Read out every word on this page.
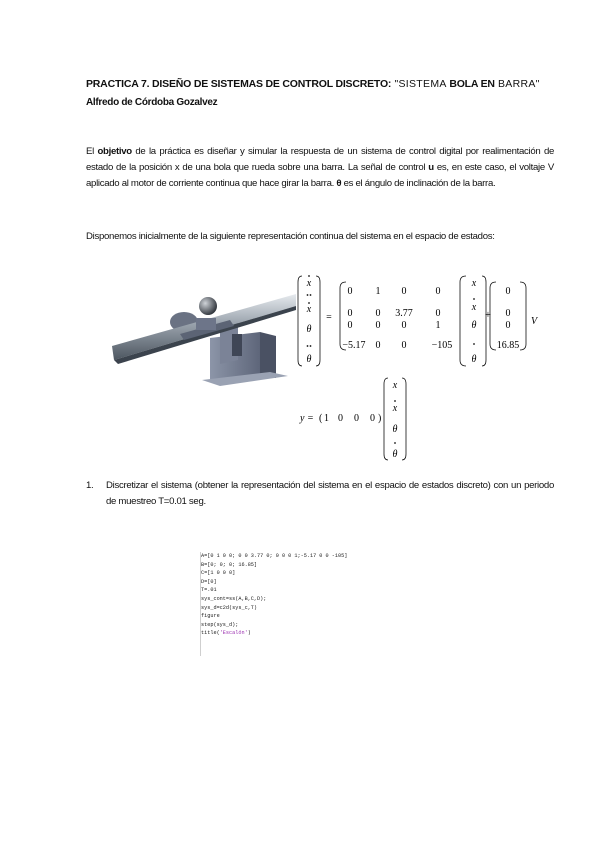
PRACTICA 7. DISEÑO DE SISTEMAS DE CONTROL DISCRETO: "SISTEMA BOLA EN BARRA"
Alfredo de Córdoba Gozalvez
El objetivo de la práctica es diseñar y simular la respuesta de un sistema de control digital por realimentación de estado de la posición x de una bola que rueda sobre una barra. La señal de control u es, en este caso, el voltaje V aplicado al motor de corriente continua que hace girar la barra. θ es el ángulo de inclinación de la barra.
Disponemos inicialmente de la siguiente representación continua del sistema en el espacio de estados:
x
x
θ
θ
x
x
θ
θ
V
0 1 0	0
0 0 3.77 0
0 0 0	1
−5.17 0 0	−105
0
0
0
16.85
=	+
y = ( 1 0 0 0 )
x
x
θ
θ
1. Discretizar el sistema (obtener la representación del sistema en el espacio de estados discreto) con un periodo de muestreo T=0.01 seg.
A=[0 1 0 0; 0 0 3.77 0; 0 0 0 1;-5.17 0 0 -105]
B=[0; 0; 0; 16.85]
C=[1 0 0 0]
D=[0]
T=.01
sys_cont=ss(A,B,C,D);
sys_d=c2d(sys_c,T)
figure
step(sys_d);
title('Escalón')
